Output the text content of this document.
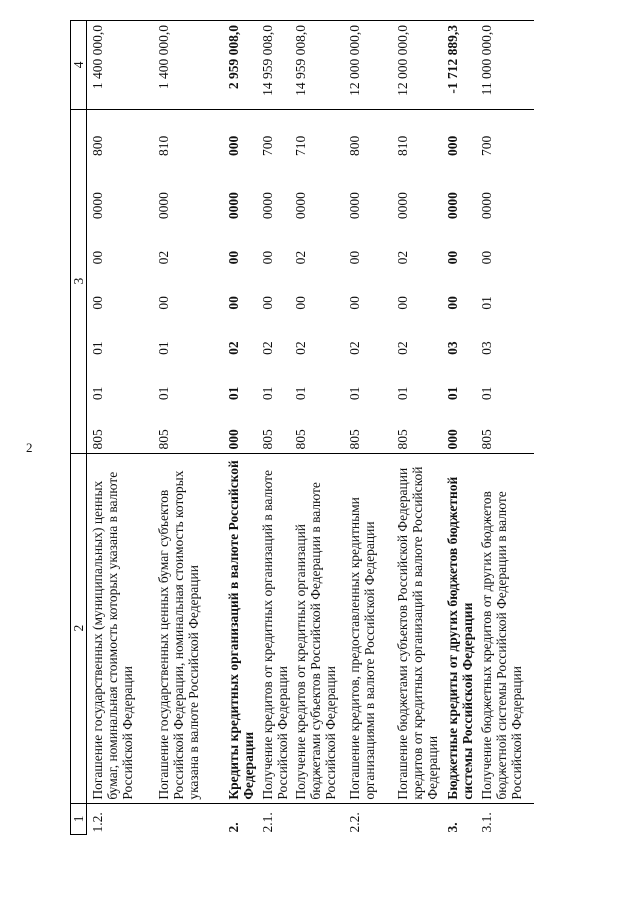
2
1	2	3							4
1.2.	Погашение государственных (муниципальных) ценных бумаг, номинальная стоимость которых указана в валюте Российской Федерации	805	01	01	00	00	0000	800	1 400 000,0
	Погашение государственных ценных бумаг субъектов Российской Федерации, номинальная стоимость которых указана в валюте Российской Федерации	805	01	01	00	02	0000	810	1 400 000,0
2.	Кредиты кредитных организаций в валюте Российской Федерации	000	01	02	00	00	0000	000	2 959 008,0
2.1.	Получение кредитов от кредитных организаций в валюте Российской Федерации	805	01	02	00	00	0000	700	14 959 008,0
	Получение кредитов от кредитных организаций бюджетами субъектов Российской Федерации в валюте Российской Федерации	805	01	02	00	02	0000	710	14 959 008,0
2.2.	Погашение кредитов, предоставленных кредитными организациями в валюте Российской Федерации	805	01	02	00	00	0000	800	12 000 000,0
	Погашение бюджетами субъектов Российской Федерации кредитов от кредитных организаций в валюте Российской Федерации	805	01	02	00	02	0000	810	12 000 000,0
3.	Бюджетные кредиты от других бюджетов бюджетной системы Российской Федерации	000	01	03	00	00	0000	000	-1 712 889,3
3.1.	Получение бюджетных кредитов от других бюджетов бюджетной системы Российской Федерации в валюте Российской Федерации	805	01	03	01	00	0000	700	11 000 000,0
